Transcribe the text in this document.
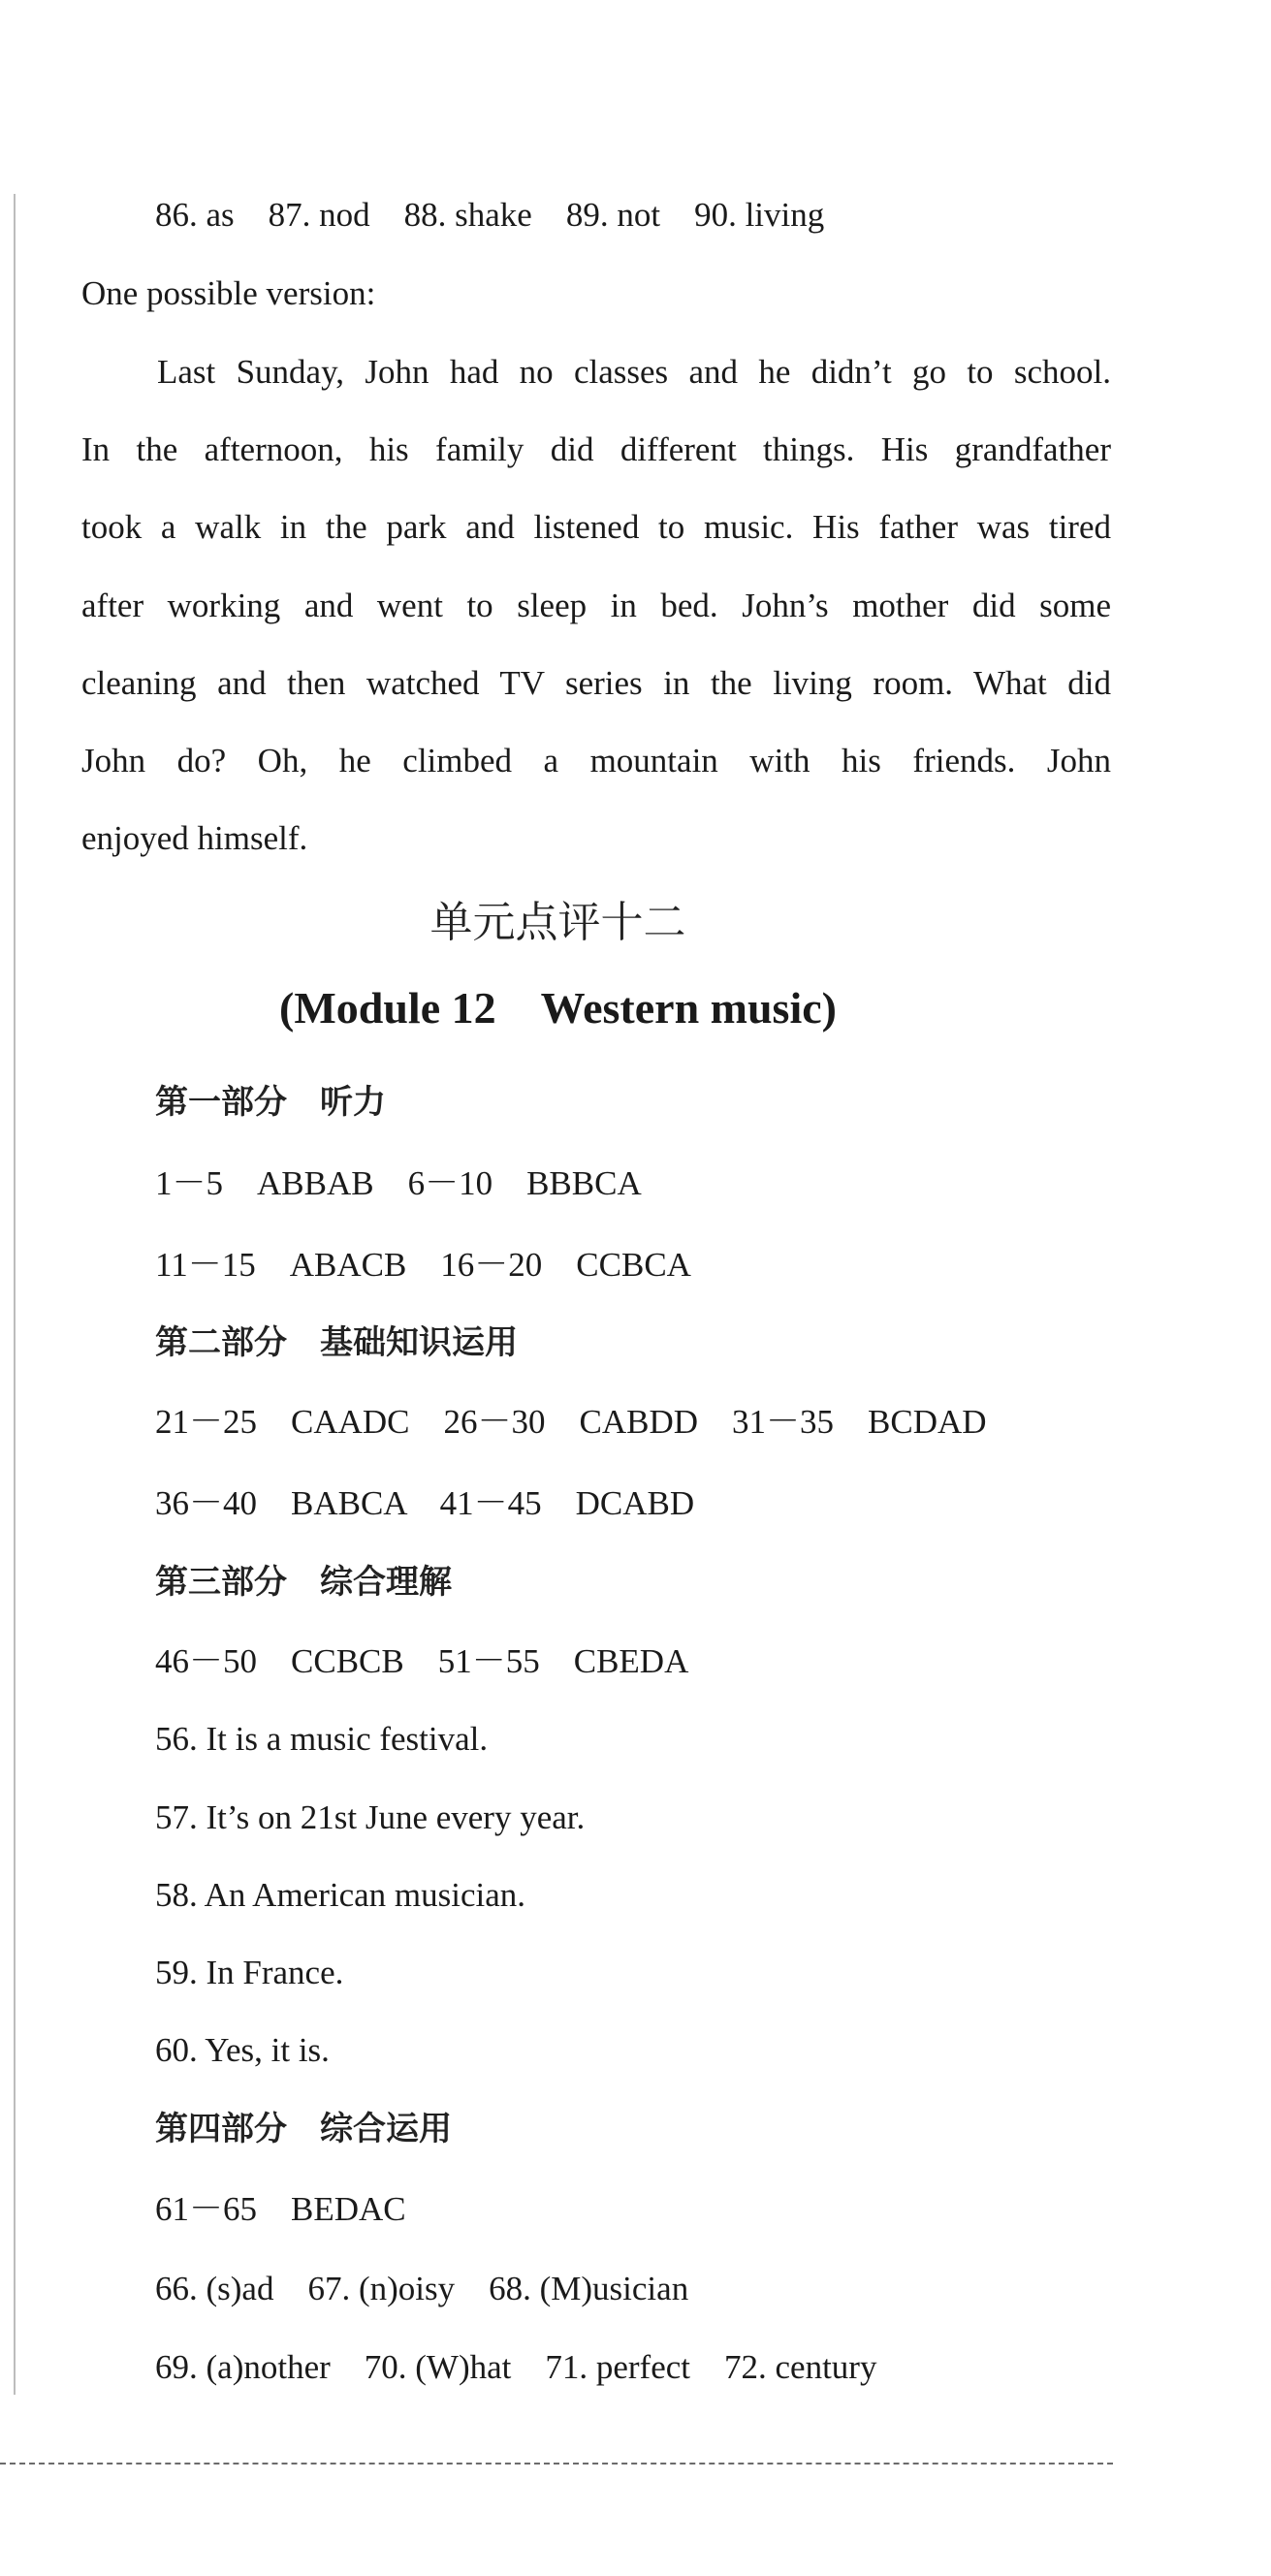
86. as　87. nod　88. shake　89. not　90. living
One possible version:
Last Sunday, John had no classes and he didn’t go to school.
In the afternoon, his family did different things. His grandfather
took a walk in the park and listened to music. His father was tired
after working and went to sleep in bed. John’s mother did some
cleaning and then watched TV series in the living room. What did
John do? Oh, he climbed a mountain with his friends. John
enjoyed himself.
单元点评十二
(Module 12　Western music)
第一部分　听力
1－5　ABBAB　6－10　BBBCA
11－15　ABACB　16－20　CCBCA
第二部分　基础知识运用
21－25　CAADC　26－30　CABDD　31－35　BCDAD
36－40　BABCA　41－45　DCABD
第三部分　综合理解
46－50　CCBCB　51－55　CBEDA
56. It is a music festival.
57. It’s on 21st June every year.
58. An American musician.
59. In France.
60. Yes, it is.
第四部分　综合运用
61－65　BEDAC
66. (s)ad　67. (n)oisy　68. (M)usician
69. (a)nother　70. (W)hat　71. perfect　72. century
